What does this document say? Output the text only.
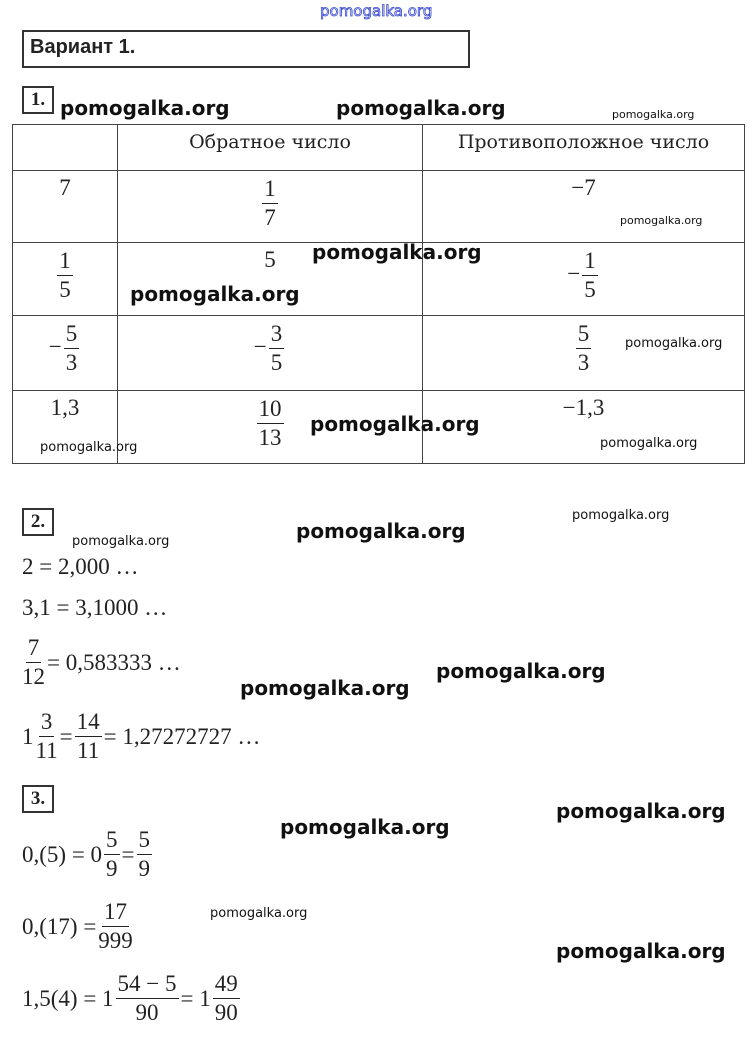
Вариант 1.
1.
	Обратное число	Противоположное число
7	$\frac{1}{7}$	−7

$\frac{1}{5}$	5	− $\frac{1}{5}$

− $\frac{5}{3}$	− $\frac{3}{5}$	$\frac{5}{3}$

1,3	$\frac{10}{13}$	−1,3
2.
2 = 2,000 …
3,1 = 3,1000 …
$\frac{7}{12} = 0,583333$ …
$1 \frac{3}{11} = \frac{14}{11} = 1,27272727$ …
3.
$0,(5) = 0 \frac{5}{9} = \frac{5}{9}$
$0,(17) = \frac{17}{999}$
$1,5(4) = 1 \frac{54 - 5}{90} = 1 \frac{49}{90}$
pomogalka.org
pomogalka.org	pomogalka.org	pomogalka.org
pomogalka.org
pomogalka.org
pomogalka.org
pomogalka.org
pomogalka.org
pomogalka.org
pomogalka.org
pomogalka.org
pomogalka.org
pomogalka.org
pomogalka.org
pomogalka.org
pomogalka.org
pomogalka.org
pomogalka.org
pomogalka.org
